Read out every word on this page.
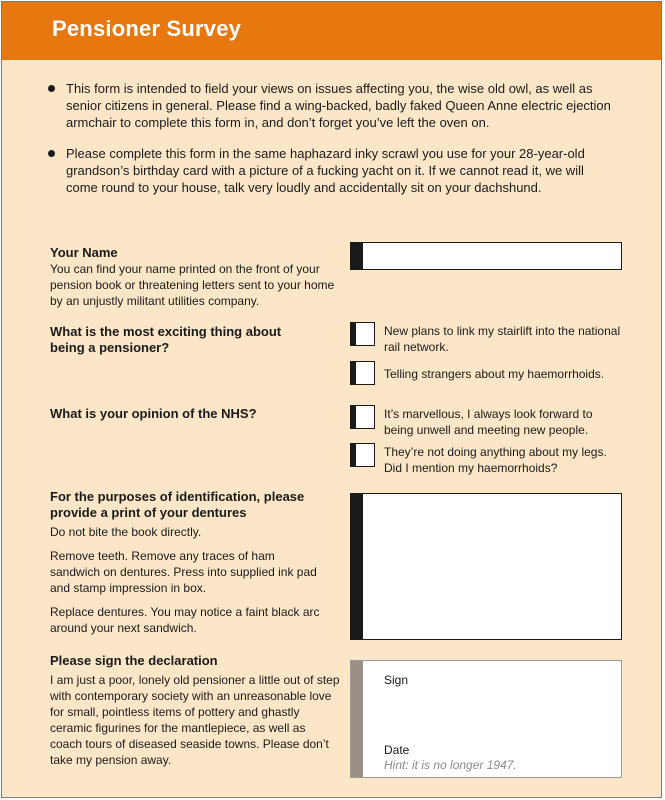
Pensioner Survey
This form is intended to field your views on issues affecting you, the wise old owl, as well as senior citizens in general. Please find a wing-backed, badly faked Queen Anne electric ejection armchair to complete this form in, and don’t forget you’ve left the oven on.
Please complete this form in the same haphazard inky scrawl you use for your 28-year-old grandson’s birthday card with a picture of a fucking yacht on it. If we cannot read it, we will come round to your house, talk very loudly and accidentally sit on your dachshund.
Your Name
You can find your name printed on the front of your pension book or threatening letters sent to your home by an unjustly militant utilities company.
What is the most exciting thing about being a pensioner?
New plans to link my stairlift into the national rail network.
Telling strangers about my haemorrhoids.
What is your opinion of the NHS?	It’s marvellous, I always look forward to being unwell and meeting new people.
They’re not doing anything about my legs. Did I mention my haemorrhoids?
For the purposes of identification, please provide a print of your dentures

Do not bite the book directly.

Remove teeth. Remove any traces of ham sandwich on dentures. Press into supplied ink pad and stamp impression in box.

Replace dentures. You may notice a faint black arc around your next sandwich.

Please sign the declaration
I am just a poor, lonely old pensioner a little out of step with contemporary society with an unreasonable love for small, pointless items of pottery and ghastly ceramic figurines for the mantlepiece, as well as coach tours of diseased seaside towns. Please don’t take my pension away.
Sign
Date
Hint: it is no longer 1947.
